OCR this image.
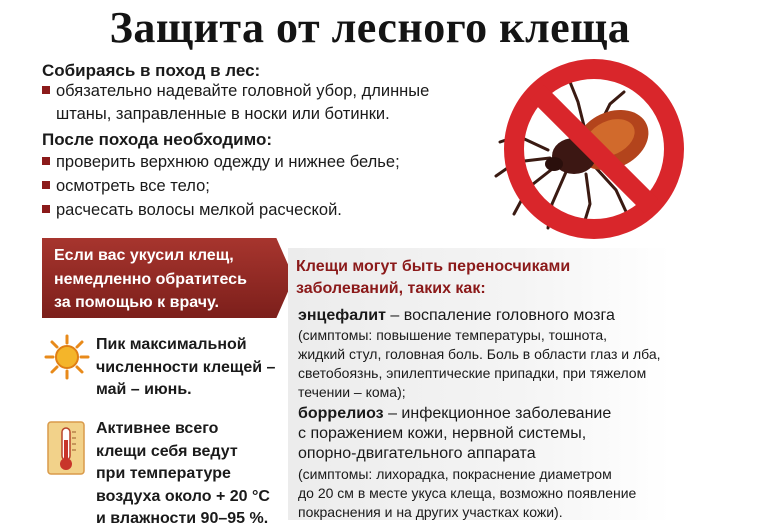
Защита от лесного клеща
Собираясь в поход в лес:
обязательно надевайте головной убор, длинные
штаны, заправленные в носки или ботинки.
После похода необходимо:
проверить верхнюю одежду и нижнее белье;
осмотреть все тело;
расчесать волосы мелкой расческой.
Если вас укусил клещ,
немедленно обратитесь
за помощью к врачу.
Пик максимальной
численности клещей –
май – июнь.
Активнее всего
клещи себя ведут
при температуре
воздуха около + 20 °С
и влажности 90–95 %.
Клещи могут быть переносчиками
заболеваний, таких как:
энцефалит – воспаление головного мозга
(симптомы: повышение температуры, тошнота,
жидкий стул, головная боль. Боль в области глаз и лба,
светобоязнь, эпилептические припадки, при тяжелом
течении – кома);
боррелиоз – инфекционное заболевание
с поражением кожи, нервной системы,
опорно-двигательного аппарата
(симптомы: лихорадка, покраснение диаметром
до 20 см в месте укуса клеща, возможно появление
покраснения и на других участках кожи).
